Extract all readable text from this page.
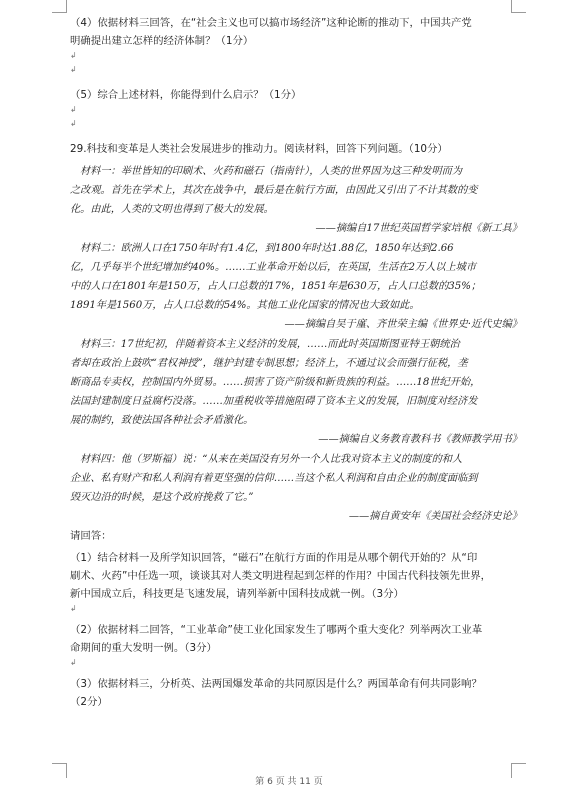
（4）依据材料三回答，在“社会主义也可以搞市场经济”这种论断的推动下，中国共产党
明确提出建立怎样的经济体制？（1分）
↲
↲
（5）综合上述材料，你能得到什么启示？（1分）
↲
↲
29.科技和变革是人类社会发展进步的推动力。阅读材料，回答下列问题。（10分）
材料一：举世皆知的印刷术、火药和磁石（指南针），人类的世界因为这三种发明而为
之改观。首先在学术上，其次在战争中，最后是在航行方面，由因此又引出了不计其数的变
化。由此，人类的文明也得到了极大的发展。
——摘编自17世纪英国哲学家培根《新工具》
材料二：欧洲人口在1750年时有1.4亿，到1800年时达1.88亿，1850年达到2.66
亿，几乎每半个世纪增加约40%。……工业革命开始以后，在英国，生活在2万人以上城市
中的人口在1801年是150万，占人口总数的17%，1851年是630万，占人口总数的35%；
1891年是1560万，占人口总数的54%。其他工业化国家的情况也大致如此。
——摘编自吴于廑、齐世荣主编《世界史·近代史编》
材料三：17世纪初，伴随着资本主义经济的发展，……而此时英国斯图亚特王朝统治
者却在政治上鼓吹“君权神授”，继护封建专制思想；经济上，不通过议会而强行征税，垄
断商品专卖权，控制国内外贸易。……损害了资产阶级和新贵族的利益。……18世纪开始，
法国封建制度日益腐朽没落。……加重税收等措施阻碍了资本主义的发展，旧制度对经济发
展的制约，致使法国各种社会矛盾激化。
——摘编自义务教育教科书《教师教学用书》
材料四：他（罗斯福）说：“从来在美国没有另外一个人比我对资本主义的制度的和人
企业、私有财产和私人利润有着更坚强的信仰……当这个私人利润和自由企业的制度面临到
毁灭边沿的时候，是这个政府挽救了它。”
——摘自黄安年《美国社会经济史论》
请回答：
（1）结合材料一及所学知识回答，“磁石”在航行方面的作用是从哪个朝代开始的？从“印
刷术、火药”中任选一项，谈谈其对人类文明进程起到怎样的作用？中国古代科技领先世界，
新中国成立后，科技更是飞速发展，请列举新中国科技成就一例。（3分）
↲
（2）依据材料二回答，“工业革命”使工业化国家发生了哪两个重大变化？列举两次工业革
命期间的重大发明一例。（3分）
↲
（3）依据材料三，分析英、法两国爆发革命的共同原因是什么？两国革命有何共同影响？
（2分）
第 6 页 共 11 页
